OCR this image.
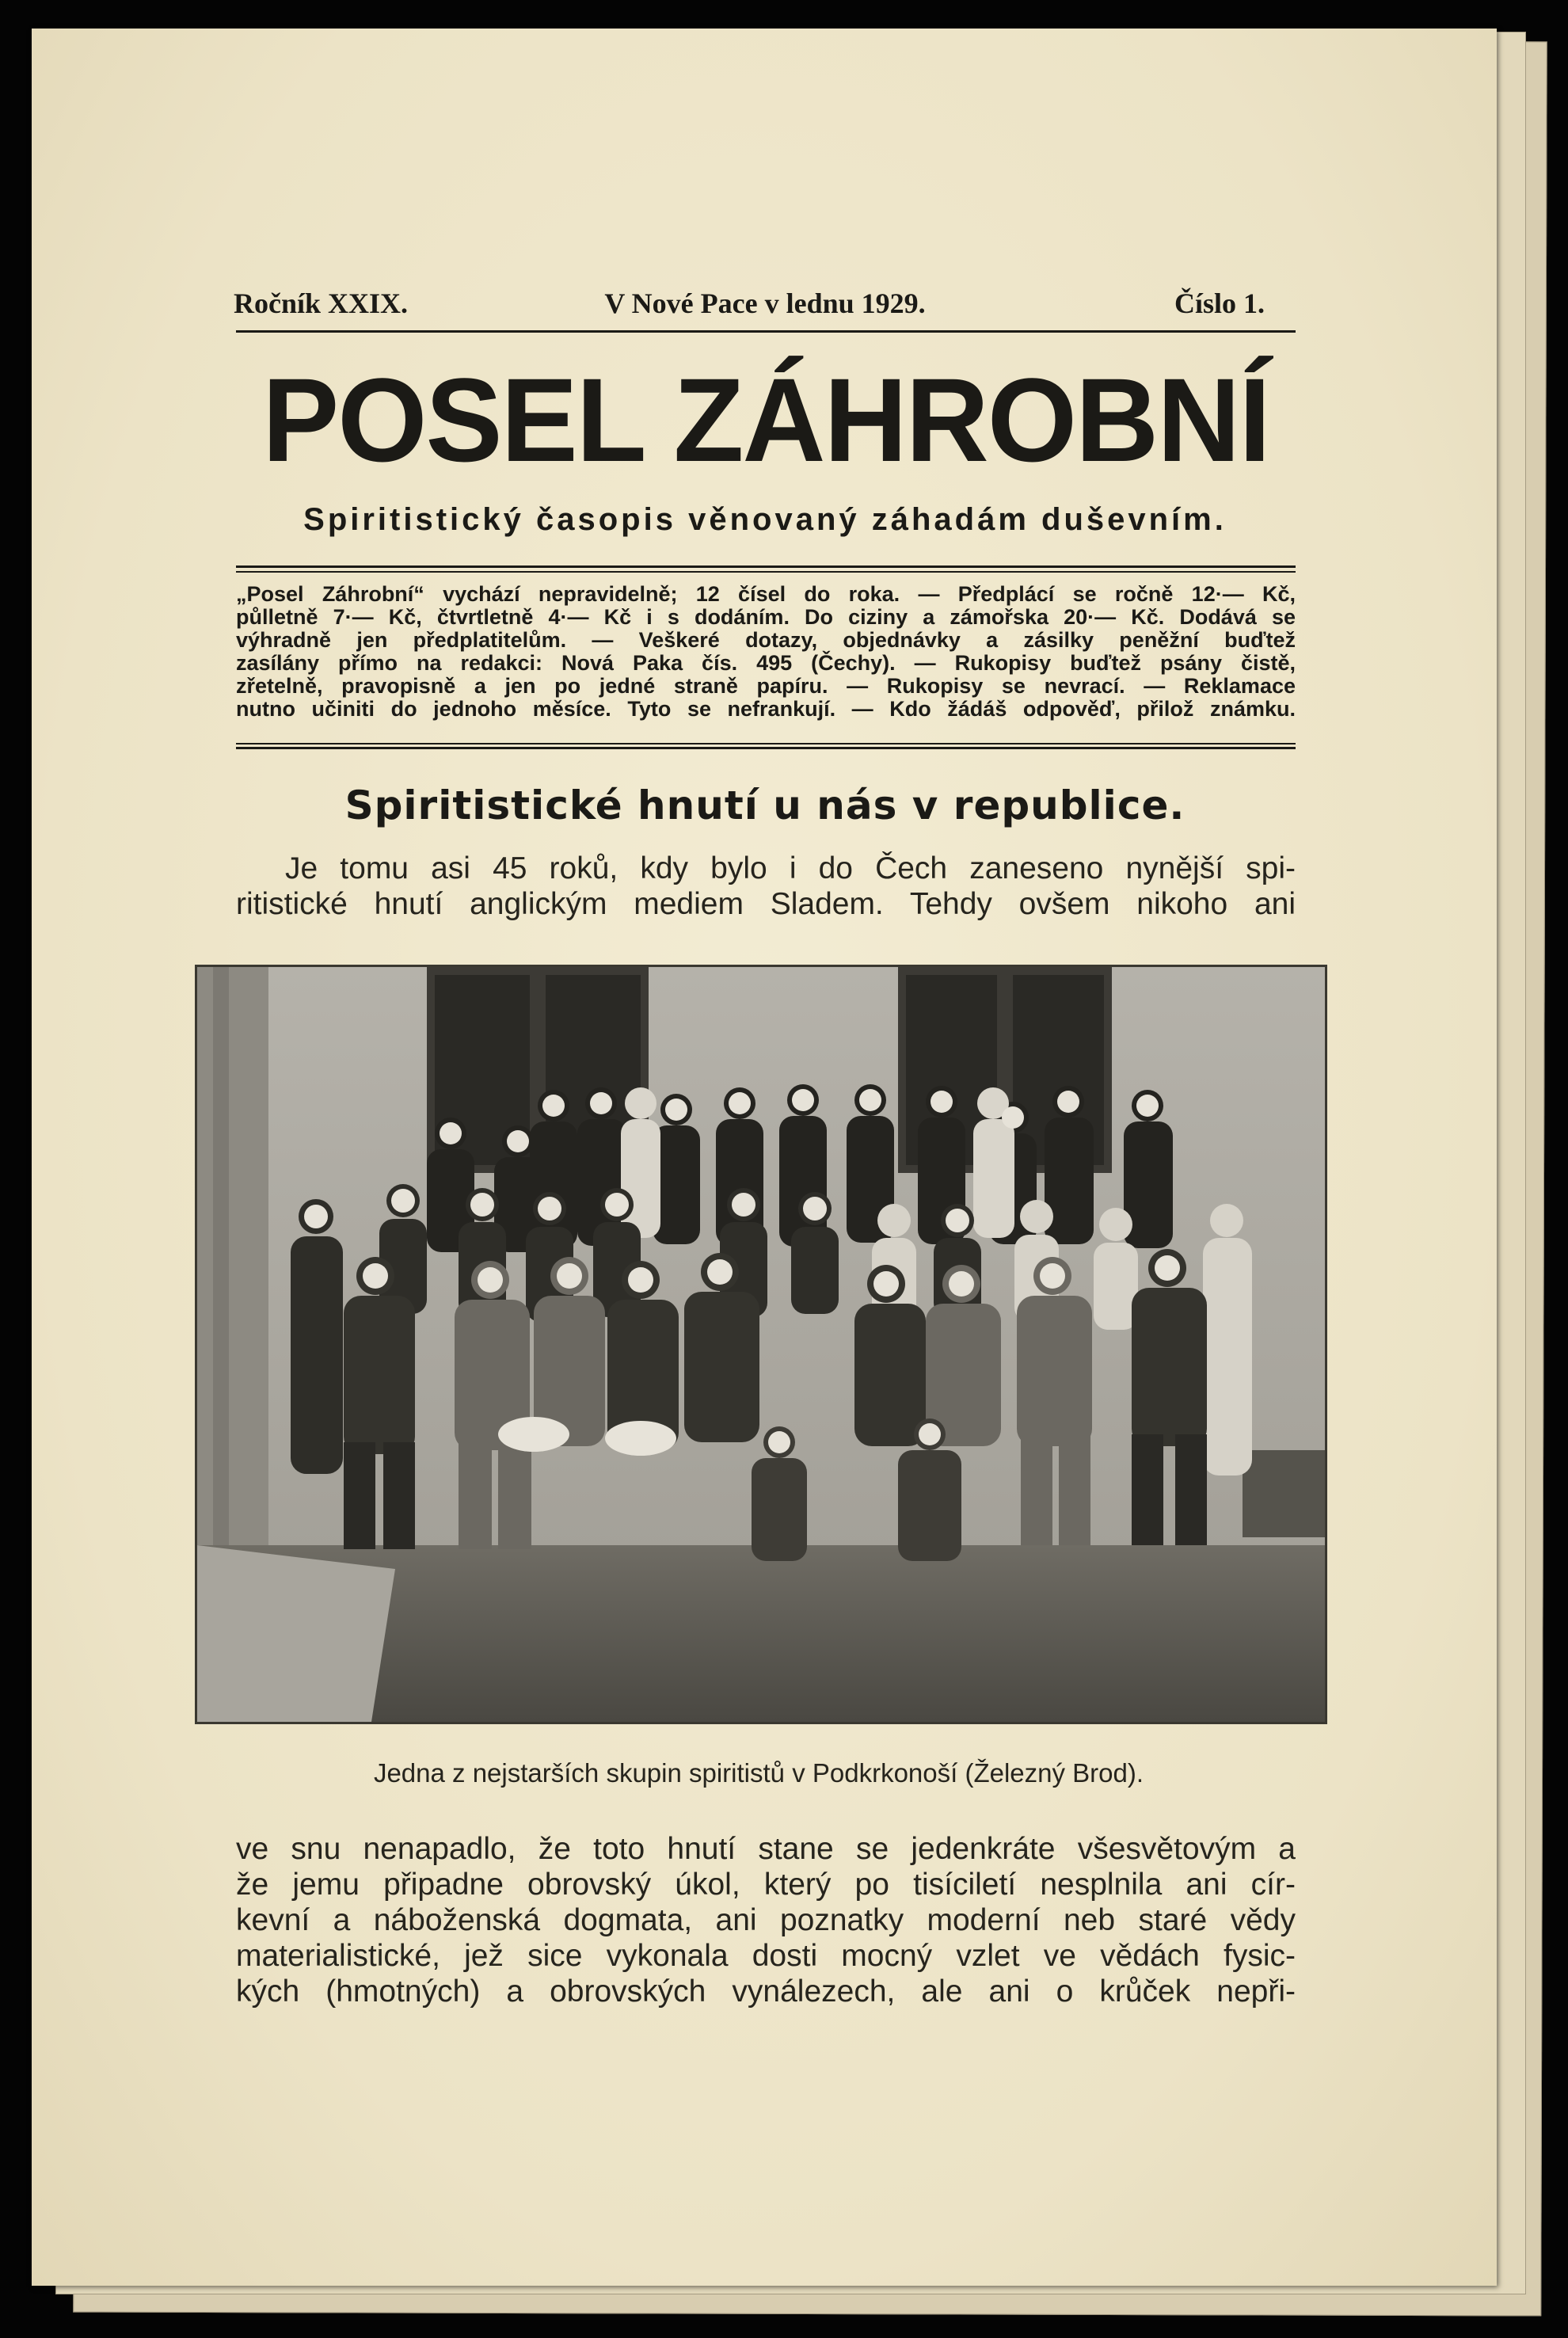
Ročník XXIX.	V Nové Pace v lednu 1929.	Číslo 1.
POSEL ZÁHROBNÍ
Spiritistický časopis věnovaný záhadám duševním.
„Posel Záhrobní“ vychází nepravidelně; 12 čísel do roka. — Předplácí se ročně 12·— Kč,
půlletně 7·— Kč, čtvrtletně 4·— Kč i s dodáním. Do ciziny a zámořska 20·— Kč. Dodává se
výhradně jen předplatitelům. — Veškeré dotazy, objednávky a zásilky peněžní buďtež
zasílány přímo na redakci: Nová Paka čís. 495 (Čechy). — Rukopisy buďtež psány čistě,
zřetelně, pravopisně a jen po jedné straně papíru. — Rukopisy se nevrací. — Reklamace
nutno učiniti do jednoho měsíce. Tyto se nefrankují. — Kdo žádáš odpověď, přilož známku.
Spiritistické hnutí u nás v republice.
Je tomu asi 45 roků, kdy bylo i do Čech zaneseno nynější spi-
ritistické hnutí anglickým mediem Sladem. Tehdy ovšem nikoho ani
Jedna z nejstarších skupin spiritistů v Podkrkonoší (Železný Brod).
ve snu nenapadlo, že toto hnutí stane se jedenkráte všesvětovým a
že jemu připadne obrovský úkol, který po tisíciletí nesplnila ani cír-
kevní a náboženská dogmata, ani poznatky moderní neb staré vědy
materialistické, jež sice vykonala dosti mocný vzlet ve vědách fysic-
kých (hmotných) a obrovských vynálezech, ale ani o krůček nepři-
